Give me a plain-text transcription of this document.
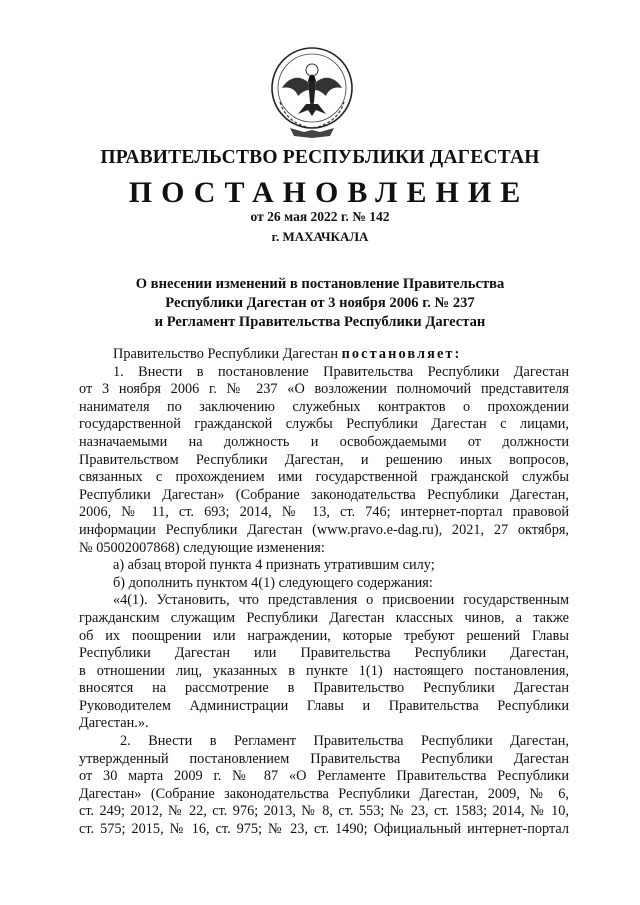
ПРАВИТЕЛЬСТВО РЕСПУБЛИКИ ДАГЕСТАН
ПОСТАНОВЛЕНИЕ
от 26 мая 2022 г. № 142
г. МАХАЧКАЛА
О внесении изменений в постановление Правительства
Республики Дагестан от 3 ноября 2006 г. № 237
и Регламент Правительства Республики Дагестан

Правительство Республики Дагестан постановляет:

1. Внести в постановление Правительства Республики Дагестан

от 3 ноября 2006 г. № 237 «О возложении полномочий представителя

нанимателя по заключению служебных контрактов о прохождении

государственной гражданской службы Республики Дагестан с лицами,

назначаемыми на должность и освобождаемыми от должности

Правительством Республики Дагестан, и решению иных вопросов,

связанных с прохождением ими государственной гражданской службы

Республики Дагестан» (Собрание законодательства Республики Дагестан,

2006, № 11, ст. 693; 2014, № 13, ст. 746; интернет-портал правовой

информации Республики Дагестан (www.pravo.e-dag.ru), 2021, 27 октября,

№ 05002007868) следующие изменения:

а) абзац второй пункта 4 признать утратившим силу;

б) дополнить пунктом 4(1) следующего содержания:

«4(1). Установить, что представления о присвоении государственным

гражданским служащим Республики Дагестан классных чинов, а также

об их поощрении или награждении, которые требуют решений Главы

Республики Дагестан или Правительства Республики Дагестан,

в отношении лиц, указанных в пункте 1(1) настоящего постановления,

вносятся на рассмотрение в Правительство Республики Дагестан

Руководителем Администрации Главы и Правительства Республики

Дагестан.».

2. Внести в Регламент Правительства Республики Дагестан,

утвержденный постановлением Правительства Республики Дагестан

от 30 марта 2009 г. № 87 «О Регламенте Правительства Республики

Дагестан» (Собрание законодательства Республики Дагестан, 2009, № 6,

ст. 249; 2012, № 22, ст. 976; 2013, № 8, ст. 553; № 23, ст. 1583; 2014, № 10,

ст. 575; 2015, № 16, ст. 975; № 23, ст. 1490; Официальный интернет-портал
